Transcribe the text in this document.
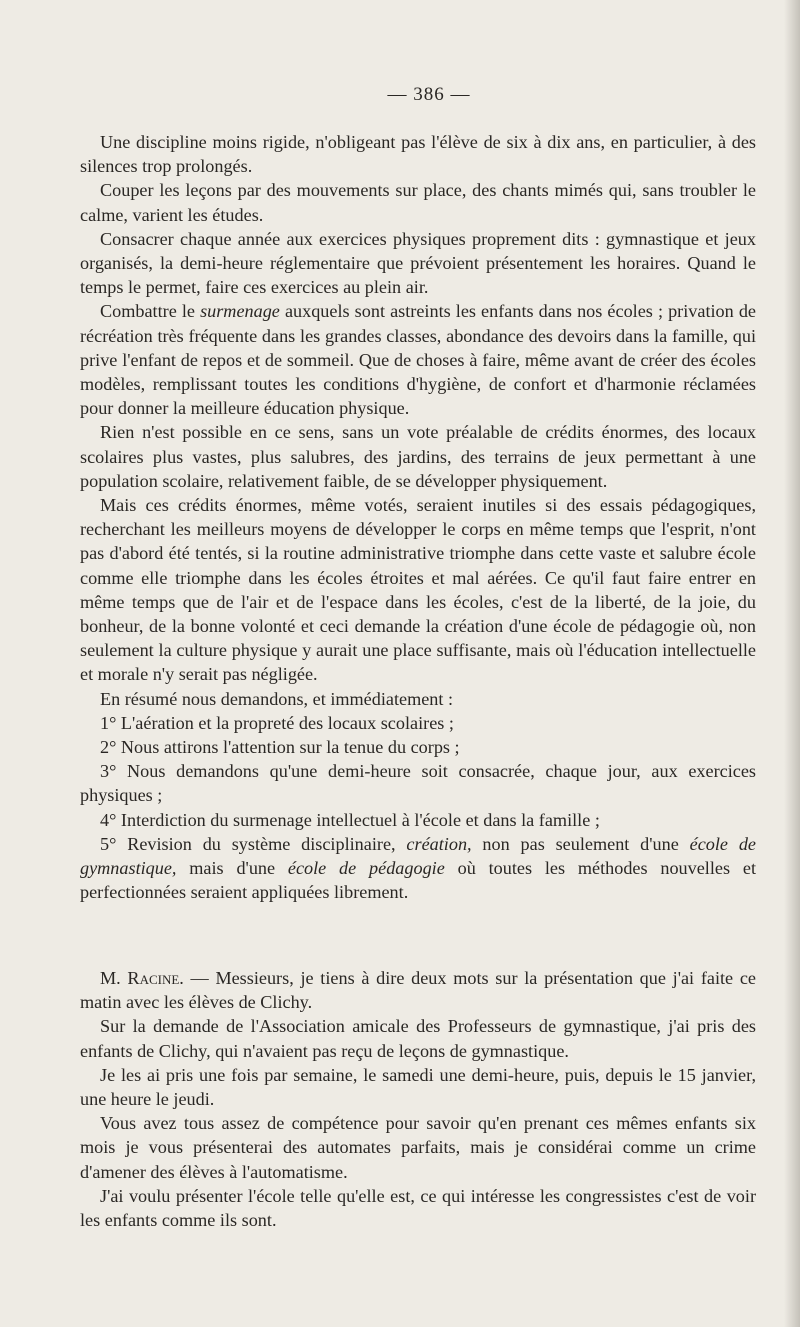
— 386 —

Une discipline moins rigide, n'obligeant pas l'élève de six à dix ans, en particulier, à des silences trop prolongés.

Couper les leçons par des mouvements sur place, des chants mimés qui, sans troubler le calme, varient les études.

Consacrer chaque année aux exercices physiques proprement dits : gymnastique et jeux organisés, la demi-heure réglementaire que prévoient présentement les horaires. Quand le temps le permet, faire ces exercices au plein air.

Combattre le surmenage auxquels sont astreints les enfants dans nos écoles ; privation de récréation très fréquente dans les grandes classes, abondance des devoirs dans la famille, qui prive l'enfant de repos et de sommeil. Que de choses à faire, même avant de créer des écoles modèles, remplissant toutes les conditions d'hygiène, de confort et d'harmonie réclamées pour donner la meilleure éducation physique.

Rien n'est possible en ce sens, sans un vote préalable de crédits énormes, des locaux scolaires plus vastes, plus salubres, des jardins, des terrains de jeux permettant à une population scolaire, relativement faible, de se développer physiquement.

Mais ces crédits énormes, même votés, seraient inutiles si des essais pédagogiques, recherchant les meilleurs moyens de développer le corps en même temps que l'esprit, n'ont pas d'abord été tentés, si la routine administrative triomphe dans cette vaste et salubre école comme elle triomphe dans les écoles étroites et mal aérées. Ce qu'il faut faire entrer en même temps que de l'air et de l'espace dans les écoles, c'est de la liberté, de la joie, du bonheur, de la bonne volonté et ceci demande la création d'une école de pédagogie où, non seulement la culture physique y aurait une place suffisante, mais où l'éducation intellectuelle et morale n'y serait pas négligée.

En résumé nous demandons, et immédiatement :

1° L'aération et la propreté des locaux scolaires ;

2° Nous attirons l'attention sur la tenue du corps ;

3° Nous demandons qu'une demi-heure soit consacrée, chaque jour, aux exercices physiques ;

4° Interdiction du surmenage intellectuel à l'école et dans la famille ;

5° Revision du système disciplinaire, création, non pas seulement d'une école de gymnastique, mais d'une école de pédagogie où toutes les méthodes nouvelles et perfectionnées seraient appliquées librement.

M. Racine. — Messieurs, je tiens à dire deux mots sur la présentation que j'ai faite ce matin avec les élèves de Clichy.

Sur la demande de l'Association amicale des Professeurs de gymnastique, j'ai pris des enfants de Clichy, qui n'avaient pas reçu de leçons de gymnastique.

Je les ai pris une fois par semaine, le samedi une demi-heure, puis, depuis le 15 janvier, une heure le jeudi.

Vous avez tous assez de compétence pour savoir qu'en prenant ces mêmes enfants six mois je vous présenterai des automates parfaits, mais je considérai comme un crime d'amener des élèves à l'automatisme.

J'ai voulu présenter l'école telle qu'elle est, ce qui intéresse les congressistes c'est de voir les enfants comme ils sont.
